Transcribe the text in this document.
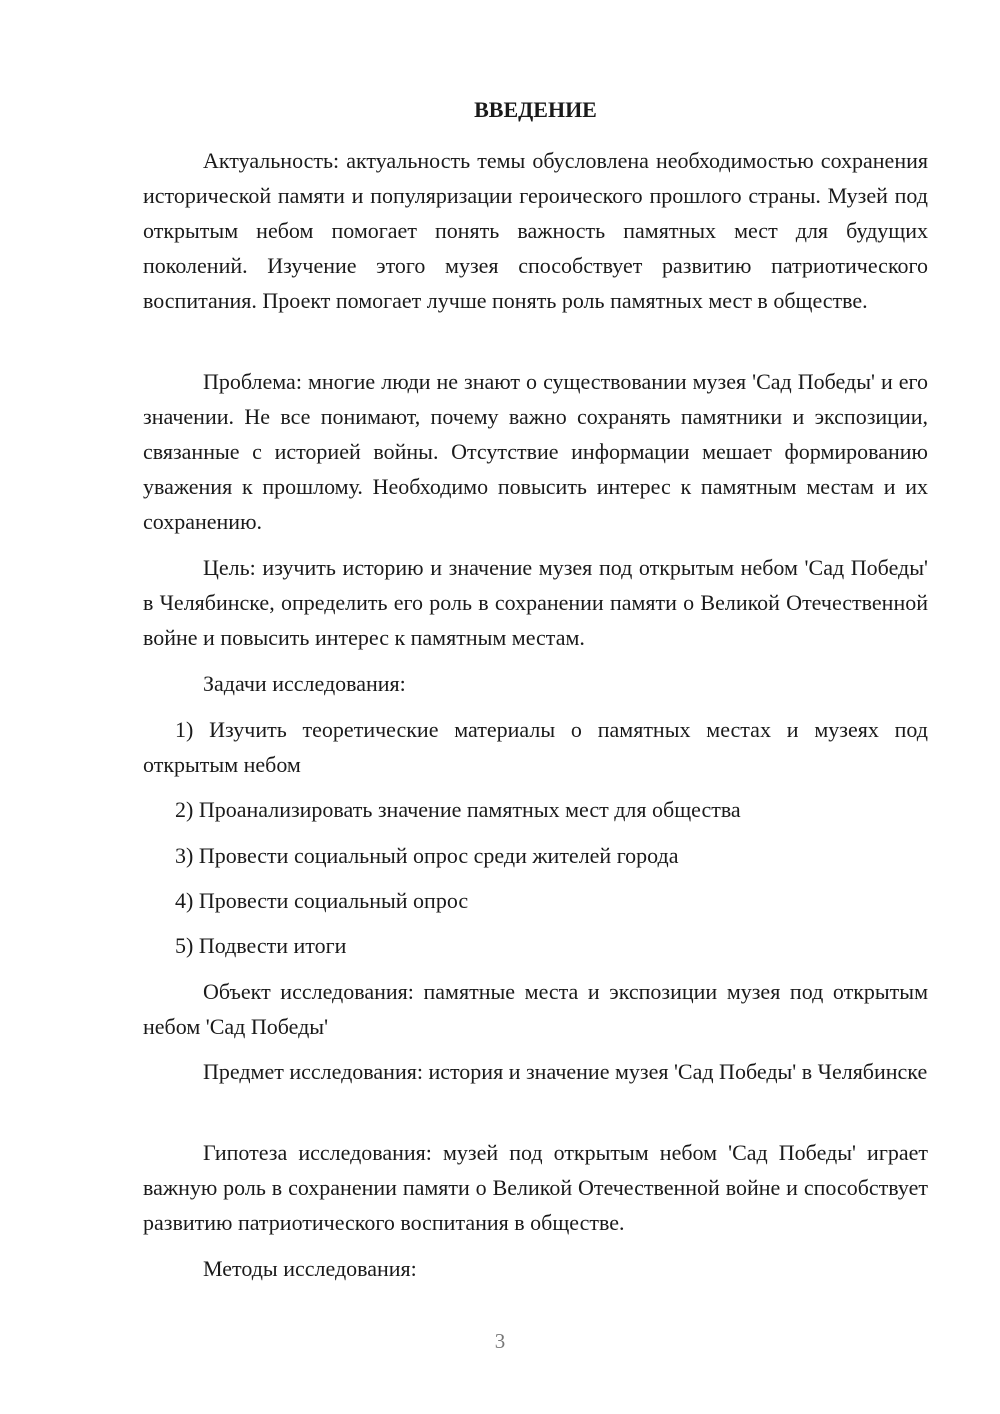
ВВЕДЕНИЕ

Актуальность: актуальность темы обусловлена необходимостью сохранения исторической памяти и популяризации героического прошлого страны. Музей под открытым небом помогает понять важность памятных мест для будущих поколений. Изучение этого музея способствует развитию патриотического воспитания. Проект помогает лучше понять роль памятных мест в обществе.

Проблема: многие люди не знают о существовании музея 'Сад Победы' и его значении. Не все понимают, почему важно сохранять памятники и экспозиции, связанные с историей войны. Отсутствие информации мешает формированию уважения к прошлому. Необходимо повысить интерес к памятным местам и их сохранению.

Цель: изучить историю и значение музея под открытым небом 'Сад Победы' в Челябинске, определить его роль в сохранении памяти о Великой Отечественной войне и повысить интерес к памятным местам.

Задачи исследования:

1) Изучить теоретические материалы о памятных местах и музеях под открытым небом

2) Проанализировать значение памятных мест для общества

3) Провести социальный опрос среди жителей города

4) Провести социальный опрос

5) Подвести итоги

Объект исследования: памятные места и экспозиции музея под открытым небом 'Сад Победы'

Предмет исследования: история и значение музея 'Сад Победы' в Челябинске

Гипотеза исследования: музей под открытым небом 'Сад Победы' играет важную роль в сохранении памяти о Великой Отечественной войне и способствует развитию патриотического воспитания в обществе.

Методы исследования:

3
